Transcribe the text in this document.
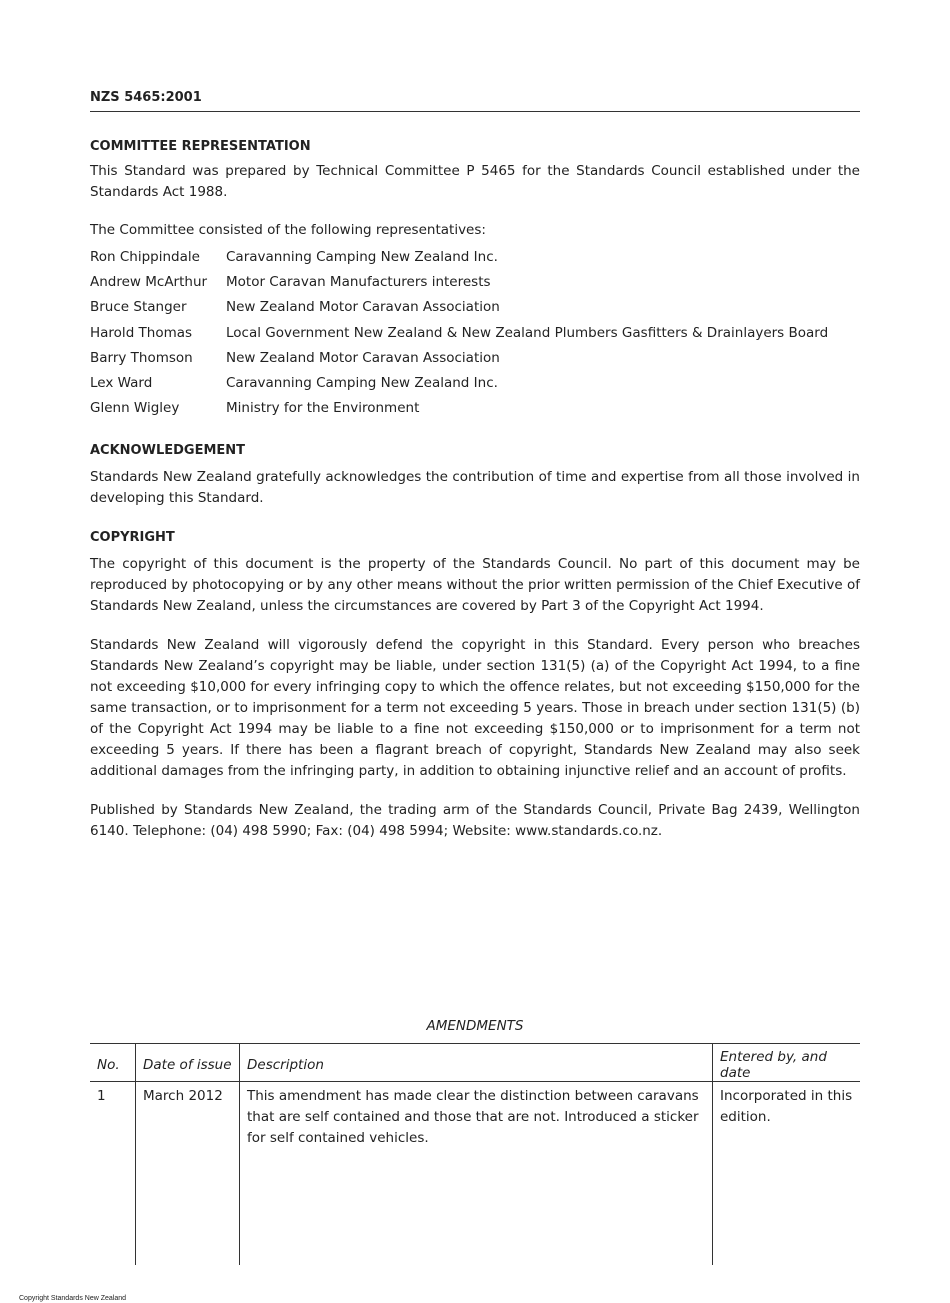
NZS 5465:2001
COMMITTEE REPRESENTATION

This Standard was prepared by Technical Committee P 5465 for the Standards Council established under the Standards Act 1988.

The Committee consisted of the following representatives:

Ron Chippindale	Caravanning Camping New Zealand Inc.
Andrew McArthur	Motor Caravan Manufacturers interests
Bruce Stanger	New Zealand Motor Caravan Association
Harold Thomas	Local Government New Zealand & New Zealand Plumbers Gasfitters & Drainlayers Board
Barry Thomson	New Zealand Motor Caravan Association
Lex Ward	Caravanning Camping New Zealand Inc.
Glenn Wigley	Ministry for the Environment
ACKNOWLEDGEMENT

Standards New Zealand gratefully acknowledges the contribution of time and expertise from all those involved in developing this Standard.

COPYRIGHT

The copyright of this document is the property of the Standards Council. No part of this document may be reproduced by photocopying or by any other means without the prior written permission of the Chief Executive of Standards New Zealand, unless the circumstances are covered by Part 3 of the Copyright Act 1994.

Standards New Zealand will vigorously defend the copyright in this Standard. Every person who breaches Standards New Zealand’s copyright may be liable, under section 131(5) (a) of the Copyright Act 1994, to a fine not exceeding $10,000 for every infringing copy to which the offence relates, but not exceeding $150,000 for the same transaction, or to imprisonment for a term not exceeding 5 years. Those in breach under section 131(5) (b) of the Copyright Act 1994 may be liable to a fine not exceeding $150,000 or to imprisonment for a term not exceeding 5 years. If there has been a flagrant breach of copyright, Standards New Zealand may also seek additional damages from the infringing party, in addition to obtaining injunctive relief and an account of profits.

Published by Standards New Zealand, the trading arm of the Standards Council, Private Bag 2439, Wellington 6140. Telephone: (04) 498 5990; Fax: (04) 498 5994; Website: www.standards.co.nz.

AMENDMENTS
No.	Date of issue	Description	Entered by, and date
1	March 2012	This amendment has made clear the distinction between caravans that are self contained and those that are not. Introduced a sticker for self contained vehicles.	Incorporated in this edition.
Copyright Standards New Zealand
